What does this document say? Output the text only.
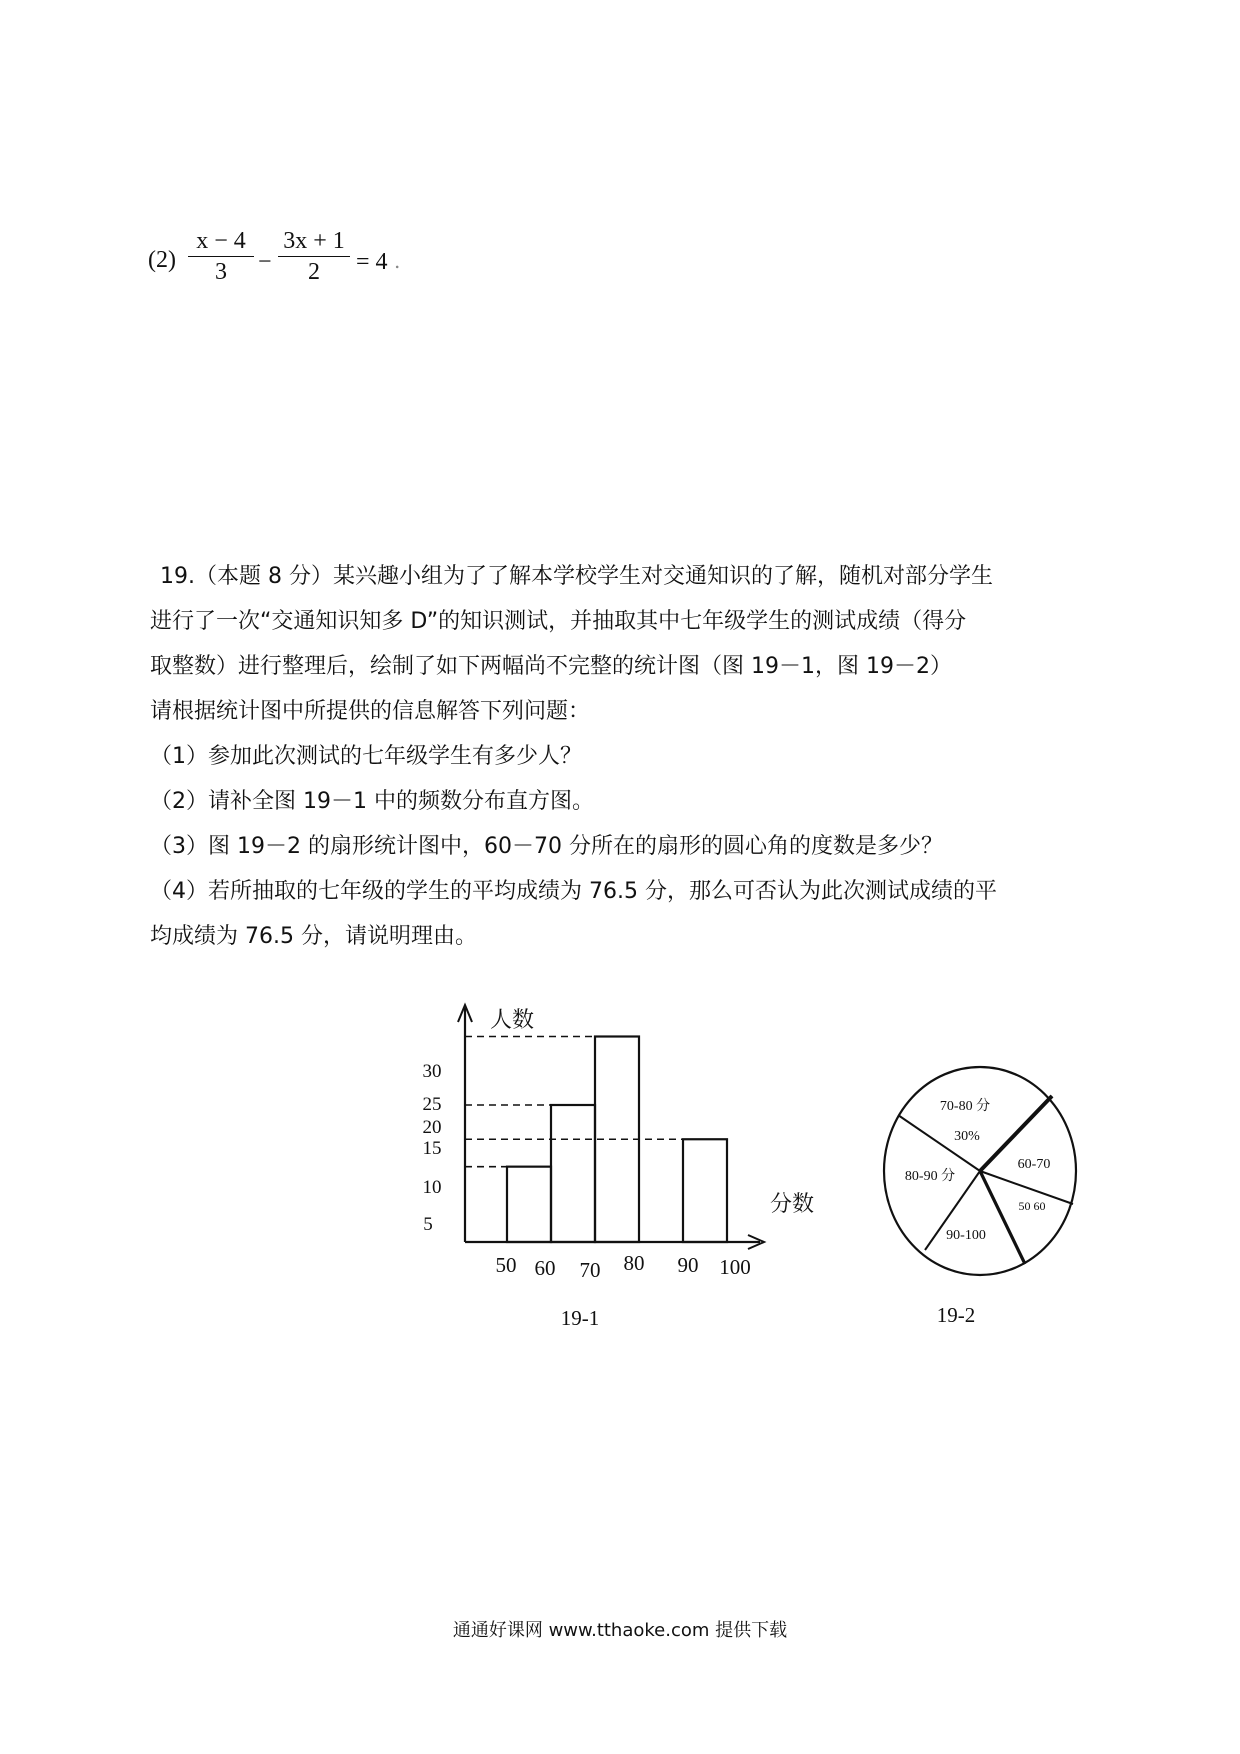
(2)
x − 4
3	−
3x + 1
2	= 4 .

19.（本题 8 分）某兴趣小组为了了解本学校学生对交通知识的了解，随机对部分学生

进行了一次“交通知识知多 D”的知识测试，并抽取其中七年级学生的测试成绩（得分

取整数）进行整理后，绘制了如下两幅尚不完整的统计图（图 19－1，图 19－2）

请根据统计图中所提供的信息解答下列问题：

（1）参加此次测试的七年级学生有多少人？

（2）请补全图 19－1 中的频数分布直方图。

（3）图 19－2 的扇形统计图中，60－70 分所在的扇形的圆心角的度数是多少？

（4）若所抽取的七年级的学生的平均成绩为 76.5 分，那么可否认为此次测试成绩的平

均成绩为 76.5 分，请说明理由。

人数
分数
5
10
15
20
25
30
50 60 70 80 90 100
19-1
70-80 分
60-70
50 60
90-100
80-90 分
30%
19-2
通通好课网 www.tthaoke.com 提供下载
